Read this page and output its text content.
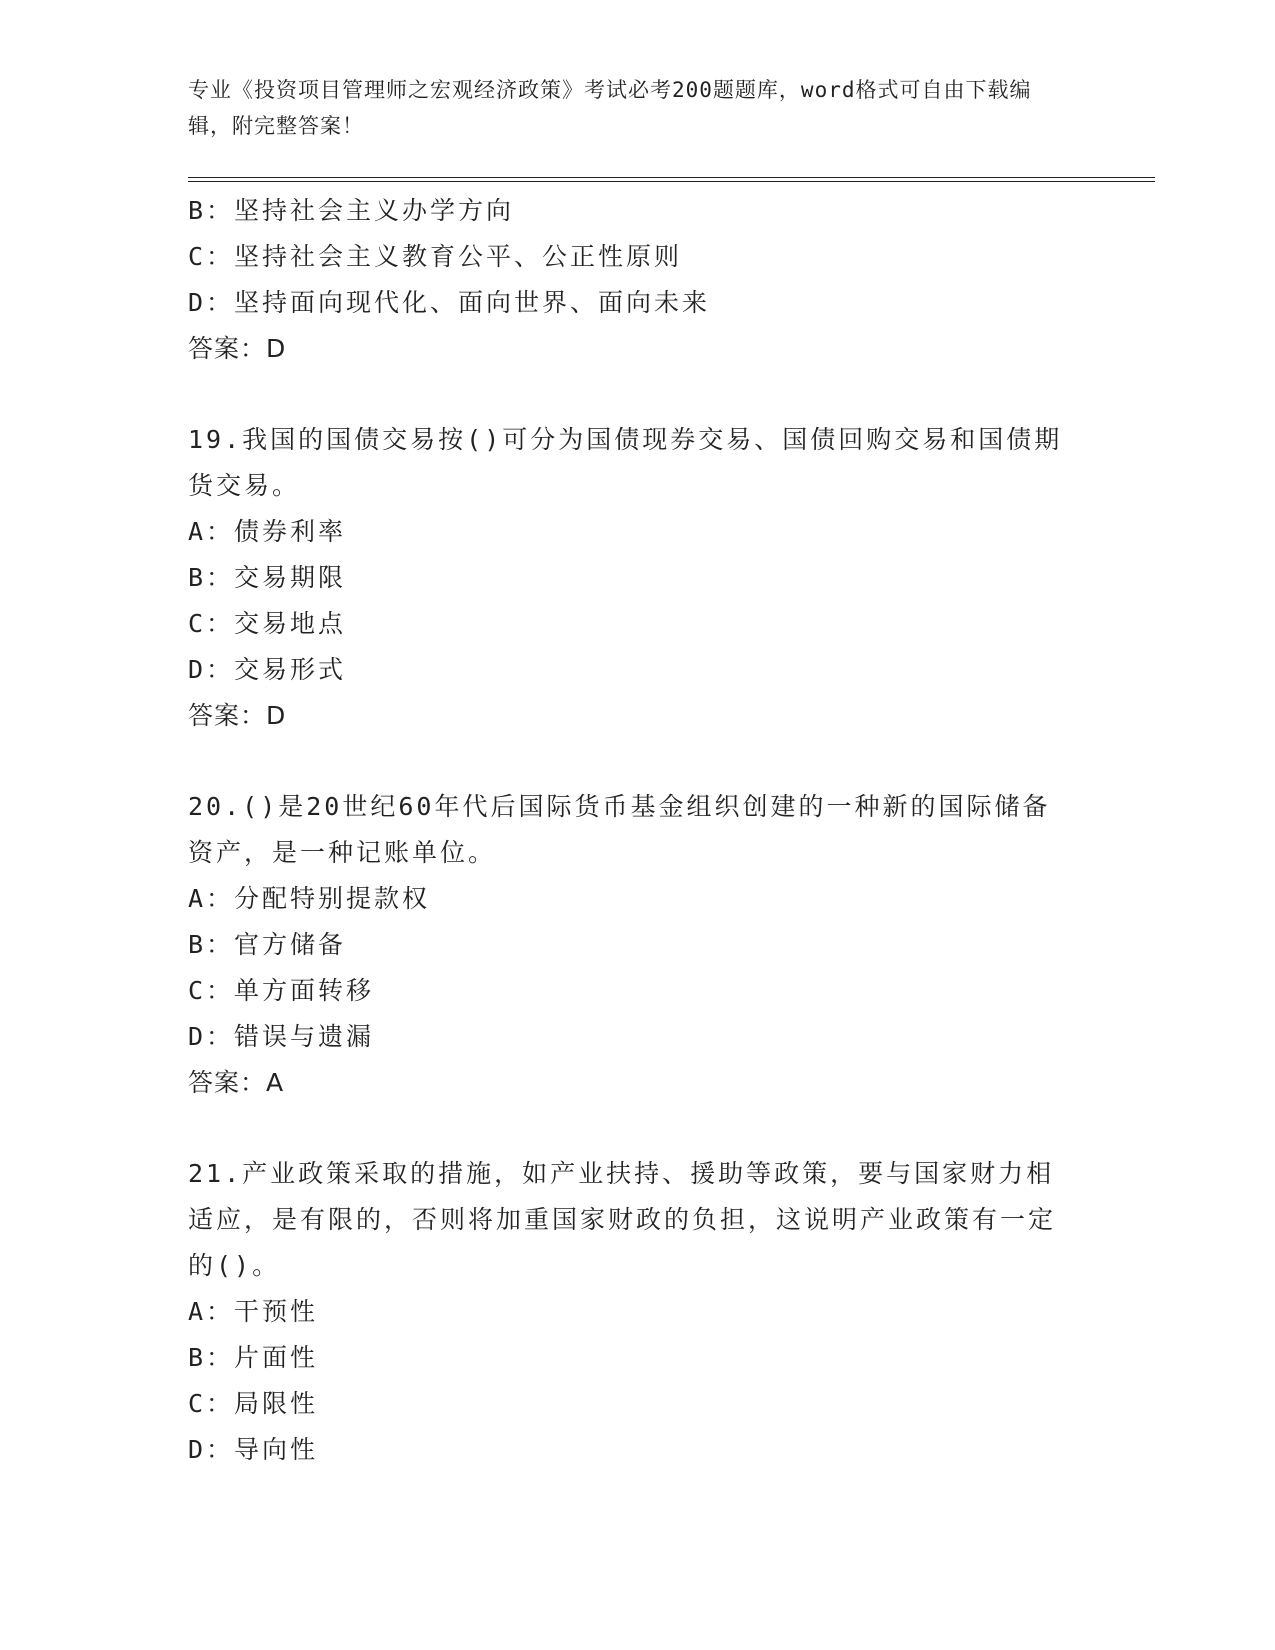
专业《投资项目管理师之宏观经济政策》考试必考200题题库，word格式可自由下载编辑，附完整答案！
B：坚持社会主义办学方向
C：坚持社会主义教育公平、公正性原则
D：坚持面向现代化、面向世界、面向未来
答案：D
19.我国的国债交易按()可分为国债现券交易、国债回购交易和国债期货交易。
A：债券利率
B：交易期限
C：交易地点
D：交易形式
答案：D
20.()是20世纪60年代后国际货币基金组织创建的一种新的国际储备资产，是一种记账单位。
A：分配特别提款权
B：官方储备
C：单方面转移
D：错误与遗漏
答案：A
21.产业政策采取的措施，如产业扶持、援助等政策，要与国家财力相适应，是有限的，否则将加重国家财政的负担，这说明产业政策有一定的()。
A：干预性
B：片面性
C：局限性
D：导向性
